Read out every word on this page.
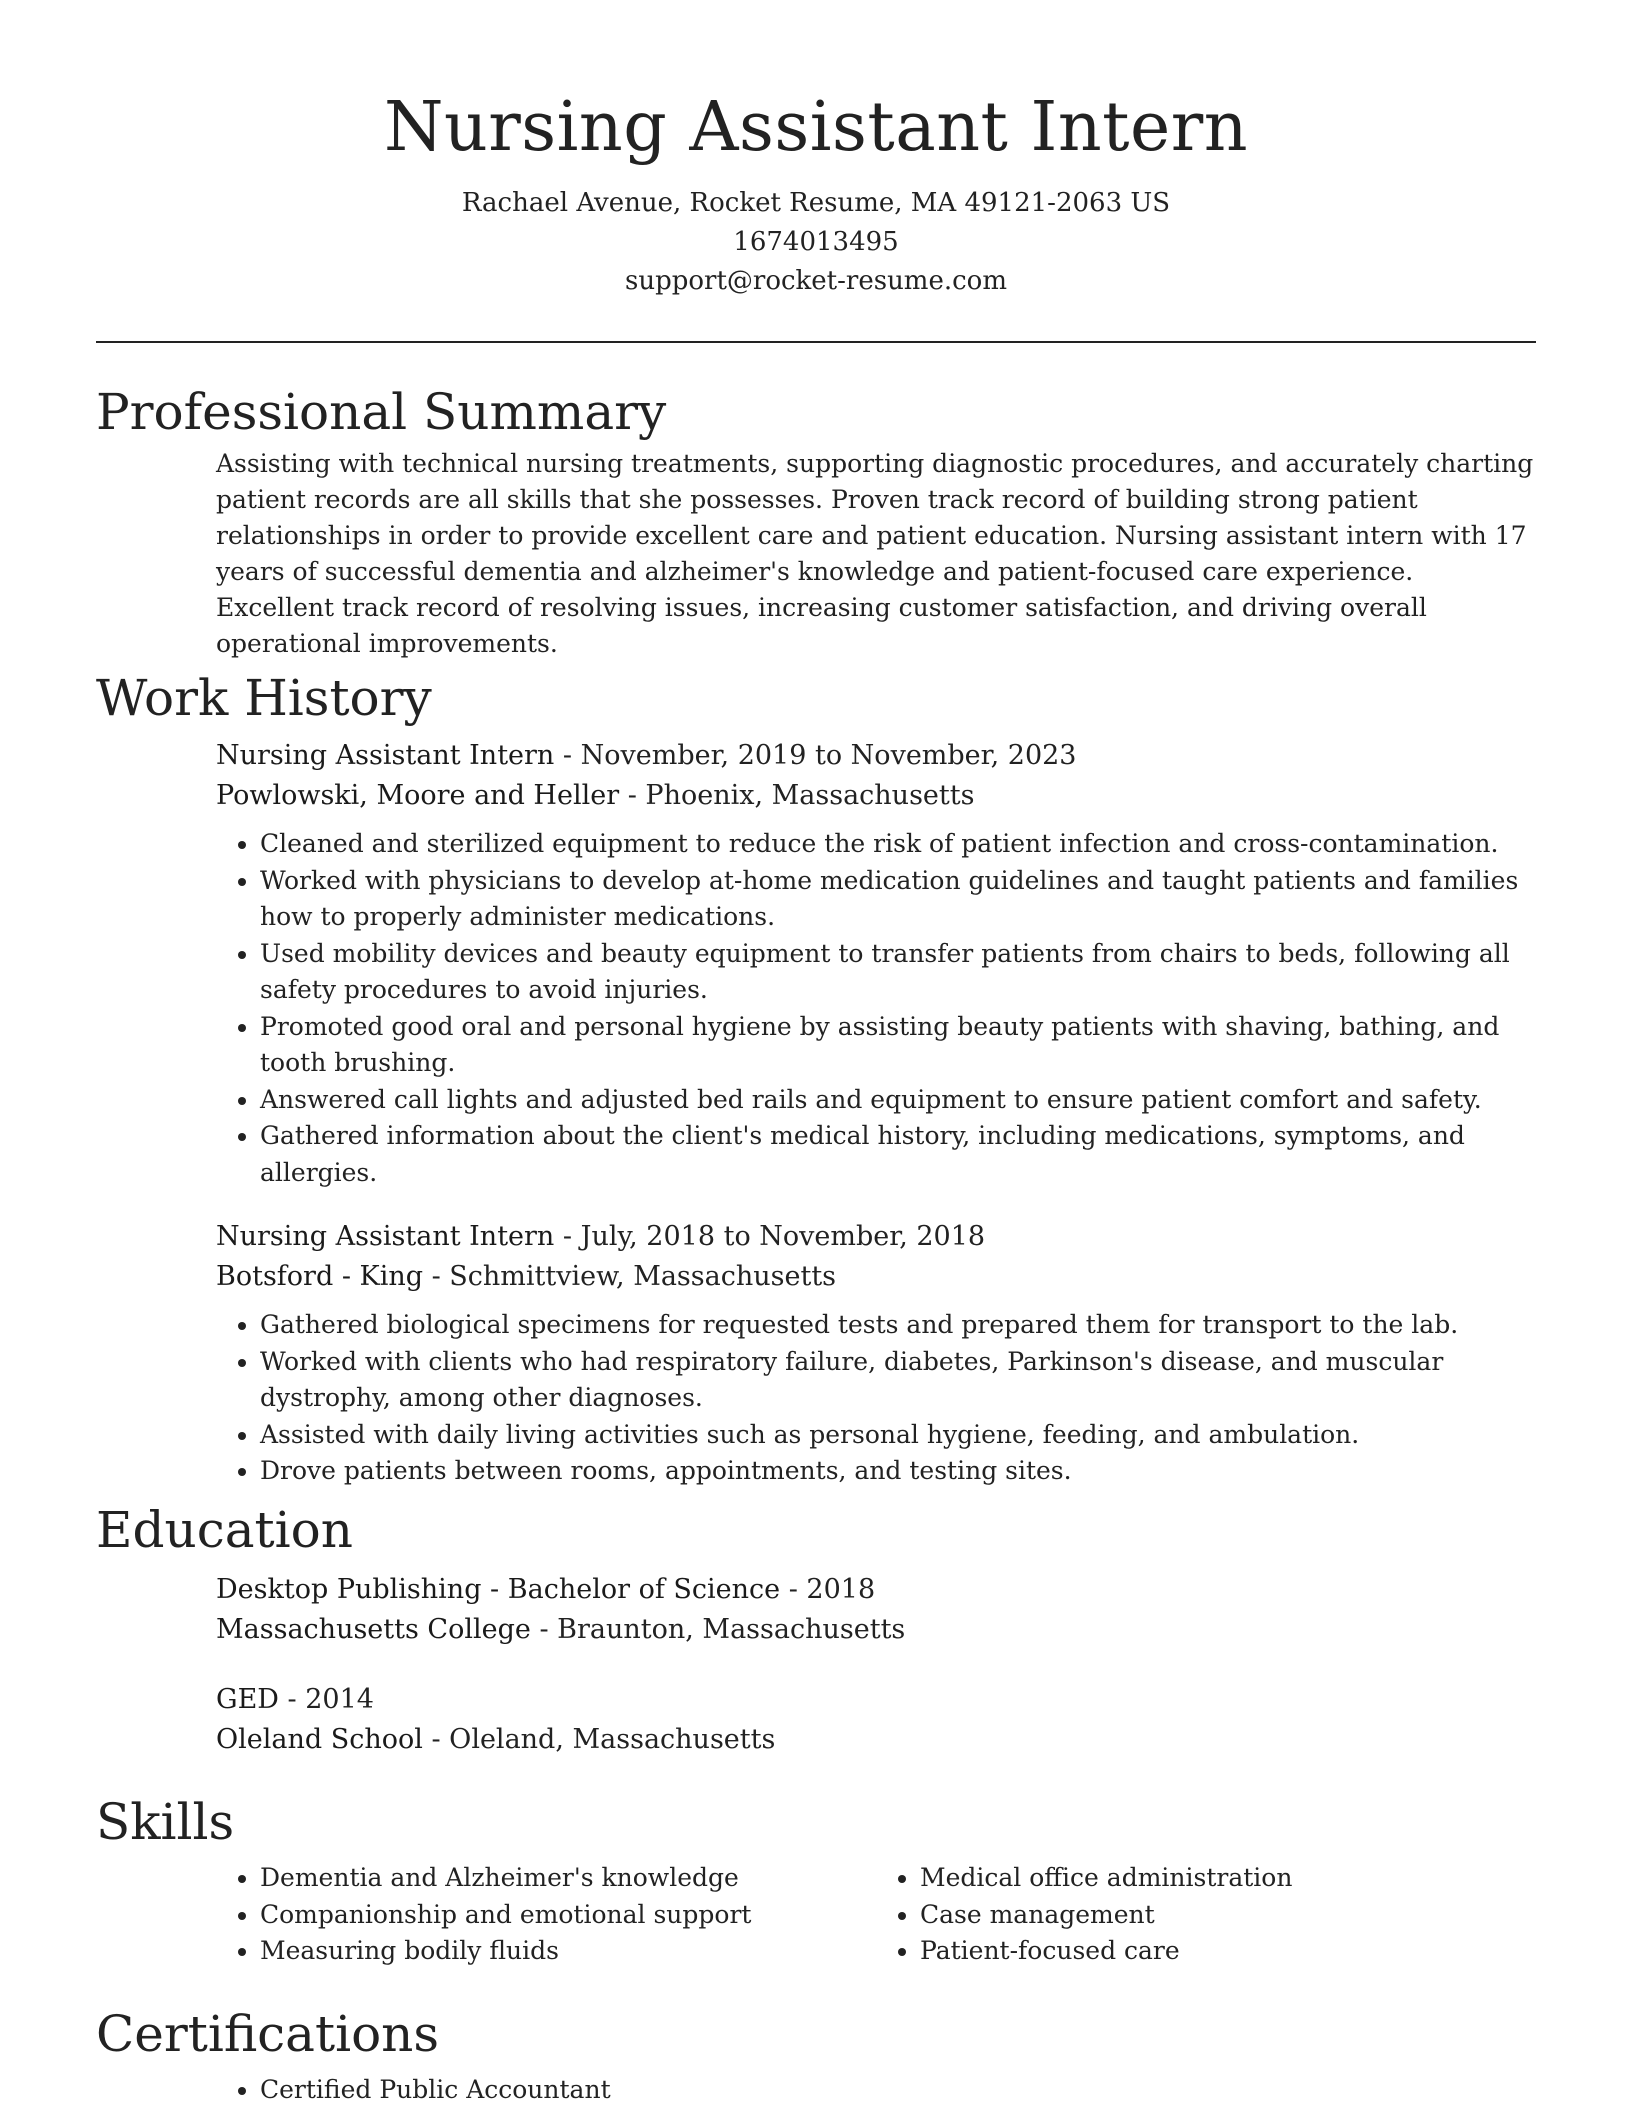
Nursing Assistant Intern
Rachael Avenue, Rocket Resume, MA 49121-2063 US
1674013495
support@rocket-resume.com
Professional Summary
Assisting with technical nursing treatments, supporting diagnostic procedures, and accurately charting patient records are all skills that she possesses. Proven track record of building strong patient relationships in order to provide excellent care and patient education. Nursing assistant intern with 17 years of successful dementia and alzheimer's knowledge and patient-focused care experience. Excellent track record of resolving issues, increasing customer satisfaction, and driving overall operational improvements.
Work History
Nursing Assistant Intern - November, 2019 to November, 2023
Powlowski, Moore and Heller - Phoenix, Massachusetts
• Cleaned and sterilized equipment to reduce the risk of patient infection and cross-contamination.
• Worked with physicians to develop at-home medication guidelines and taught patients and families how to properly administer medications.
• Used mobility devices and beauty equipment to transfer patients from chairs to beds, following all safety procedures to avoid injuries.
• Promoted good oral and personal hygiene by assisting beauty patients with shaving, bathing, and tooth brushing.
• Answered call lights and adjusted bed rails and equipment to ensure patient comfort and safety.
• Gathered information about the client's medical history, including medications, symptoms, and allergies.
Nursing Assistant Intern - July, 2018 to November, 2018
Botsford - King - Schmittview, Massachusetts
• Gathered biological specimens for requested tests and prepared them for transport to the lab.
• Worked with clients who had respiratory failure, diabetes, Parkinson's disease, and muscular dystrophy, among other diagnoses.
• Assisted with daily living activities such as personal hygiene, feeding, and ambulation.
• Drove patients between rooms, appointments, and testing sites.
Education
Desktop Publishing - Bachelor of Science - 2018
Massachusetts College - Braunton, Massachusetts
GED - 2014
Oleland School - Oleland, Massachusetts
Skills
• Dementia and Alzheimer's knowledge
• Companionship and emotional support
• Measuring bodily fluids
• Medical office administration
• Case management
• Patient-focused care
Certifications
• Certified Public Accountant
